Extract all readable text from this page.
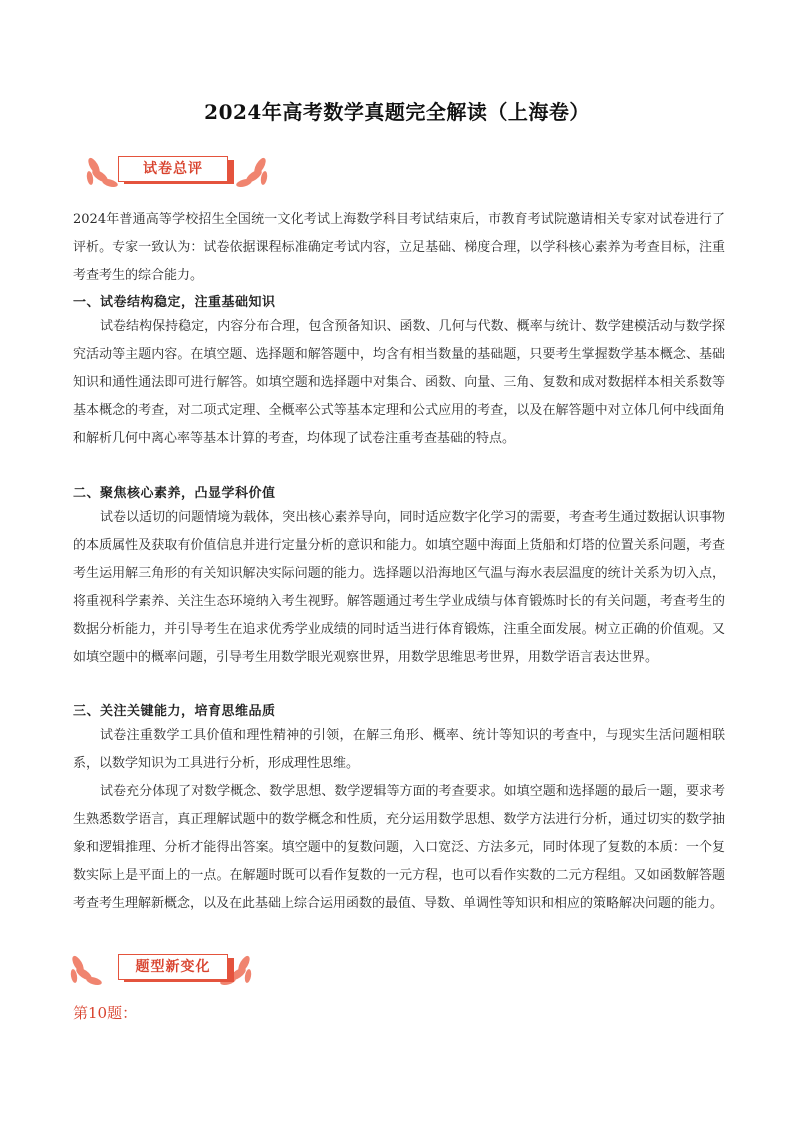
2024年高考数学真题完全解读（上海卷）
试卷总评
2024年普通高等学校招生全国统一文化考试上海数学科目考试结束后，市教育考试院邀请相关专家对试卷进行了评析。专家一致认为：试卷依据课程标准确定考试内容，立足基础、梯度合理，以学科核心素养为考查目标，注重考查考生的综合能力。
一、试卷结构稳定，注重基础知识
试卷结构保持稳定，内容分布合理，包含预备知识、函数、几何与代数、概率与统计、数学建模活动与数学探究活动等主题内容。在填空题、选择题和解答题中，均含有相当数量的基础题，只要考生掌握数学基本概念、基础知识和通性通法即可进行解答。如填空题和选择题中对集合、函数、向量、三角、复数和成对数据样本相关系数等基本概念的考查，对二项式定理、全概率公式等基本定理和公式应用的考查，以及在解答题中对立体几何中线面角和解析几何中离心率等基本计算的考查，均体现了试卷注重考查基础的特点。
二、聚焦核心素养，凸显学科价值
试卷以适切的问题情境为载体，突出核心素养导向，同时适应数字化学习的需要，考查考生通过数据认识事物的本质属性及获取有价值信息并进行定量分析的意识和能力。如填空题中海面上货船和灯塔的位置关系问题，考查考生运用解三角形的有关知识解决实际问题的能力。选择题以沿海地区气温与海水表层温度的统计关系为切入点，将重视科学素养、关注生态环境纳入考生视野。解答题通过考生学业成绩与体育锻炼时长的有关问题，考查考生的数据分析能力，并引导考生在追求优秀学业成绩的同时适当进行体育锻炼，注重全面发展。树立正确的价值观。又如填空题中的概率问题，引导考生用数学眼光观察世界，用数学思维思考世界，用数学语言表达世界。
三、关注关键能力，培育思维品质
试卷注重数学工具价值和理性精神的引领，在解三角形、概率、统计等知识的考查中，与现实生活问题相联系，以数学知识为工具进行分析，形成理性思维。
试卷充分体现了对数学概念、数学思想、数学逻辑等方面的考查要求。如填空题和选择题的最后一题，要求考生熟悉数学语言，真正理解试题中的数学概念和性质，充分运用数学思想、数学方法进行分析，通过切实的数学抽象和逻辑推理、分析才能得出答案。填空题中的复数问题，入口宽泛、方法多元，同时体现了复数的本质：一个复数实际上是平面上的一点。在解题时既可以看作复数的一元方程，也可以看作实数的二元方程组。又如函数解答题考查考生理解新概念，以及在此基础上综合运用函数的最值、导数、单调性等知识和相应的策略解决问题的能力。
题型新变化
第10题：
